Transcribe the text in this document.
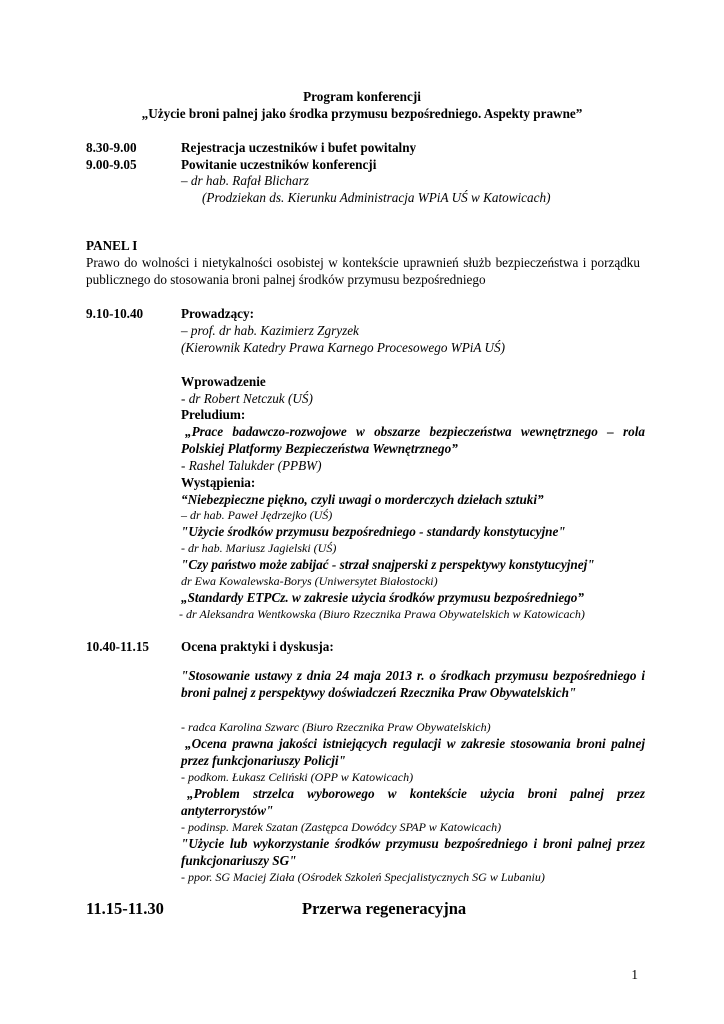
Program konferencji
„Użycie broni palnej jako środka przymusu bezpośredniego. Aspekty prawne”
8.30-9.00	Rejestracja uczestników i bufet powitalny
9.00-9.05	Powitanie uczestników konferencji
– dr hab. Rafał Blicharz
(Prodziekan ds. Kierunku Administracja WPiA UŚ w Katowicach)
PANEL I
Prawo do wolności i nietykalności osobistej w kontekście uprawnień służb bezpieczeństwa i porządku publicznego do stosowania broni palnej środków przymusu bezpośredniego
9.10-10.40	Prowadzący:
– prof. dr hab. Kazimierz Zgryzek
(Kierownik Katedry Prawa Karnego Procesowego WPiA UŚ)
Wprowadzenie
- dr Robert Netczuk (UŚ)
Preludium:
„Prace badawczo-rozwojowe w obszarze bezpieczeństwa wewnętrznego – rola Polskiej Platformy Bezpieczeństwa Wewnętrznego”
- Rashel Talukder (PPBW)
Wystąpienia:
“Niebezpieczne piękno, czyli uwagi o morderczych dziełach sztuki”
– dr hab. Paweł Jędrzejko (UŚ)
"Użycie środków przymusu bezpośredniego - standardy konstytucyjne"
- dr hab. Mariusz Jagielski (UŚ)
"Czy państwo może zabijać - strzał snajperski z perspektywy konstytucyjnej"
dr Ewa Kowalewska-Borys (Uniwersytet Białostocki)
„Standardy ETPCz. w zakresie użycia środków przymusu bezpośredniego”
- dr Aleksandra Wentkowska (Biuro Rzecznika Prawa Obywatelskich w Katowicach)
10.40-11.15 Ocena praktyki i dyskusja:
"Stosowanie ustawy z dnia 24 maja 2013 r. o środkach przymusu bezpośredniego i broni palnej z perspektywy doświadczeń Rzecznika Praw Obywatelskich"
- radca Karolina Szwarc (Biuro Rzecznika Praw Obywatelskich)
„Ocena prawna jakości istniejących regulacji w zakresie stosowania broni palnej przez funkcjonariuszy Policji"
- podkom. Łukasz Celiński (OPP w Katowicach)
„Problem strzelca wyborowego w kontekście użycia broni palnej przez antyterrorystów"
- podinsp. Marek Szatan (Zastępca Dowódcy SPAP w Katowicach)
"Użycie lub wykorzystanie środków przymusu bezpośredniego i broni palnej przez funkcjonariuszy SG"
- ppor. SG Maciej Ziała (Ośrodek Szkoleń Specjalistycznych SG w Lubaniu)
11.15-11.30	Przerwa regeneracyjna
1
